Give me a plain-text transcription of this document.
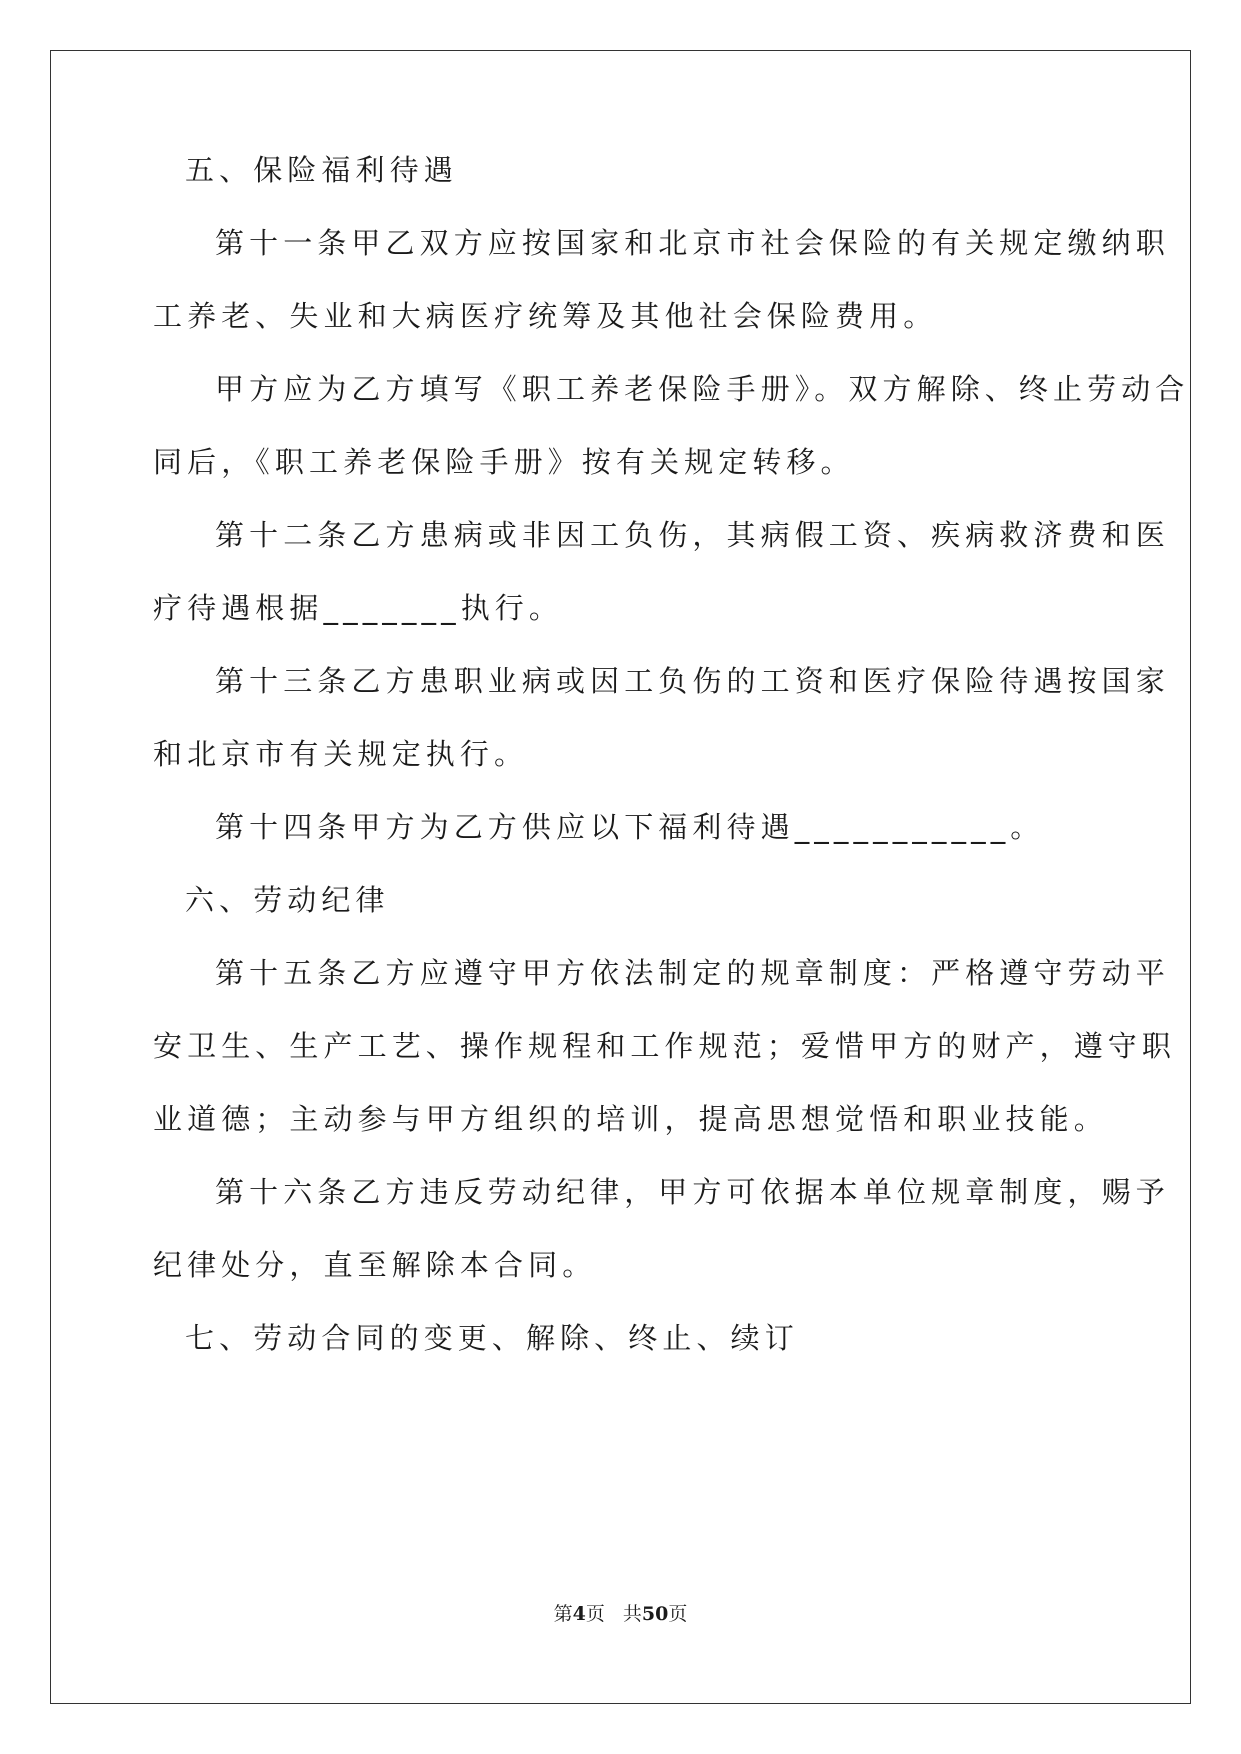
五、保险福利待遇
第十一条甲乙双方应按国家和北京市社会保险的有关规定缴纳职
工养老、失业和大病医疗统筹及其他社会保险费用。
甲方应为乙方填写《职工养老保险手册》。双方解除、终止劳动合
同后，《职工养老保险手册》按有关规定转移。
第十二条乙方患病或非因工负伤，其病假工资、疾病救济费和医
疗待遇根据_______执行。
第十三条乙方患职业病或因工负伤的工资和医疗保险待遇按国家
和北京市有关规定执行。
第十四条甲方为乙方供应以下福利待遇___________。
六、劳动纪律
第十五条乙方应遵守甲方依法制定的规章制度：严格遵守劳动平
安卫生、生产工艺、操作规程和工作规范；爱惜甲方的财产，遵守职
业道德；主动参与甲方组织的培训，提高思想觉悟和职业技能。
第十六条乙方违反劳动纪律，甲方可依据本单位规章制度，赐予
纪律处分，直至解除本合同。
七、劳动合同的变更、解除、终止、续订
第4页 共50页
